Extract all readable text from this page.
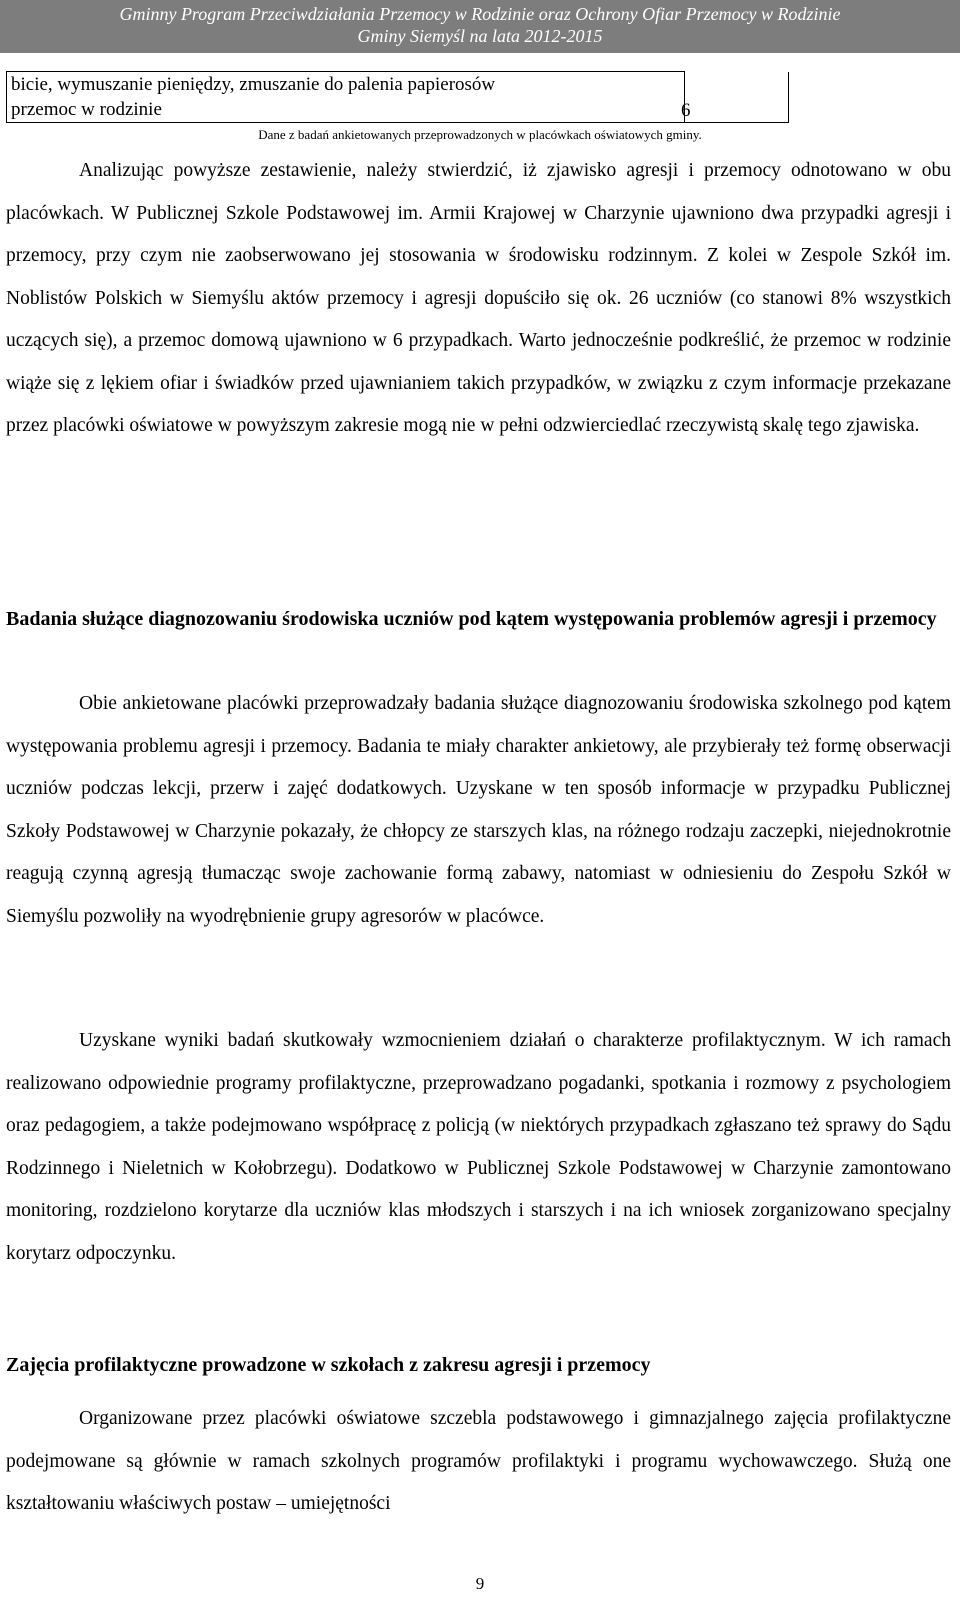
Gminny Program Przeciwdziałania Przemocy w Rodzinie oraz Ochrony Ofiar Przemocy w Rodzinie
Gminy Siemyśl na lata 2012-2015
bicie, wymuszanie pieniędzy, zmuszanie do palenia papierosów	
przemoc w rodzinie		6
Dane z badań ankietowanych przeprowadzonych w placówkach oświatowych gminy.

Analizując powyższe zestawienie, należy stwierdzić, iż zjawisko agresji i przemocy odnotowano w obu placówkach. W Publicznej Szkole Podstawowej im. Armii Krajowej w Charzynie ujawniono dwa przypadki agresji i przemocy, przy czym nie zaobserwowano jej stosowania w środowisku rodzinnym. Z kolei w Zespole Szkół im. Noblistów Polskich w Siemyślu aktów przemocy i agresji dopuściło się ok. 26 uczniów (co stanowi 8% wszystkich uczących się), a przemoc domową ujawniono w 6 przypadkach. Warto jednocześnie podkreślić, że przemoc w rodzinie wiąże się z lękiem ofiar i świadków przed ujawnianiem takich przypadków, w związku z czym informacje przekazane przez placówki oświatowe w powyższym zakresie mogą nie w pełni odzwierciedlać rzeczywistą skalę tego zjawiska.

Badania służące diagnozowaniu środowiska uczniów pod kątem występowania problemów agresji i przemocy

Obie ankietowane placówki przeprowadzały badania służące diagnozowaniu środowiska szkolnego pod kątem występowania problemu agresji i przemocy. Badania te miały charakter ankietowy, ale przybierały też formę obserwacji uczniów podczas lekcji, przerw i zajęć dodatkowych. Uzyskane w ten sposób informacje w przypadku Publicznej Szkoły Podstawowej w Charzynie pokazały, że chłopcy ze starszych klas, na różnego rodzaju zaczepki, niejednokrotnie reagują czynną agresją tłumacząc swoje zachowanie formą zabawy, natomiast w odniesieniu do Zespołu Szkół w Siemyślu pozwoliły na wyodrębnienie grupy agresorów w placówce.

Uzyskane wyniki badań skutkowały wzmocnieniem działań o charakterze profilaktycznym. W ich ramach realizowano odpowiednie programy profilaktyczne, przeprowadzano pogadanki, spotkania i rozmowy z psychologiem oraz pedagogiem, a także podejmowano współpracę z policją (w niektórych przypadkach zgłaszano też sprawy do Sądu Rodzinnego i Nieletnich w Kołobrzegu). Dodatkowo w Publicznej Szkole Podstawowej w Charzynie zamontowano monitoring, rozdzielono korytarze dla uczniów klas młodszych i starszych i na ich wniosek zorganizowano specjalny korytarz odpoczynku.

Zajęcia profilaktyczne prowadzone w szkołach z zakresu agresji i przemocy

Organizowane przez placówki oświatowe szczebla podstawowego i gimnazjalnego zajęcia profilaktyczne podejmowane są głównie w ramach szkolnych programów profilaktyki i programu wychowawczego. Służą one kształtowaniu właściwych postaw – umiejętności

9
